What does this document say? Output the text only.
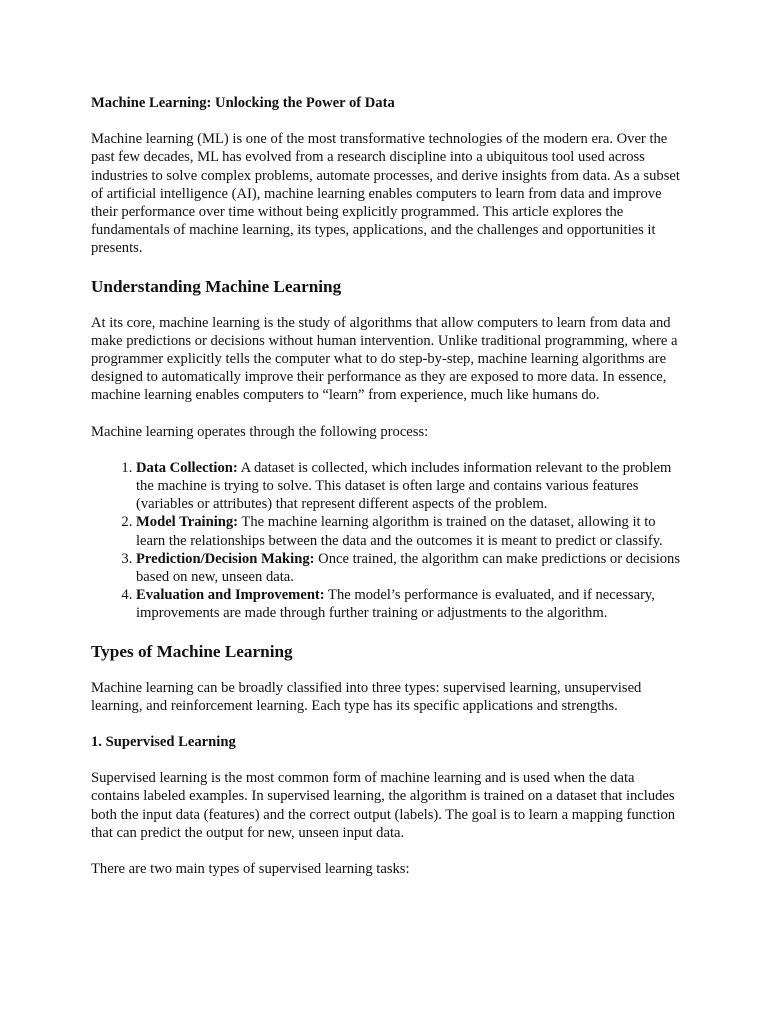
Machine Learning: Unlocking the Power of Data

Machine learning (ML) is one of the most transformative technologies of the modern era. Over the past few decades, ML has evolved from a research discipline into a ubiquitous tool used across industries to solve complex problems, automate processes, and derive insights from data. As a subset of artificial intelligence (AI), machine learning enables computers to learn from data and improve their performance over time without being explicitly programmed. This article explores the fundamentals of machine learning, its types, applications, and the challenges and opportunities it presents.

Understanding Machine Learning

At its core, machine learning is the study of algorithms that allow computers to learn from data and make predictions or decisions without human intervention. Unlike traditional programming, where a programmer explicitly tells the computer what to do step-by-step, machine learning algorithms are designed to automatically improve their performance as they are exposed to more data. In essence, machine learning enables computers to “learn” from experience, much like humans do.

Machine learning operates through the following process:

1. Data Collection: A dataset is collected, which includes information relevant to the problem the machine is trying to solve. This dataset is often large and contains various features (variables or attributes) that represent different aspects of the problem.
2. Model Training: The machine learning algorithm is trained on the dataset, allowing it to learn the relationships between the data and the outcomes it is meant to predict or classify.
3. Prediction/Decision Making: Once trained, the algorithm can make predictions or decisions based on new, unseen data.
4. Evaluation and Improvement: The model’s performance is evaluated, and if necessary, improvements are made through further training or adjustments to the algorithm.
Types of Machine Learning

Machine learning can be broadly classified into three types: supervised learning, unsupervised learning, and reinforcement learning. Each type has its specific applications and strengths.

1. Supervised Learning

Supervised learning is the most common form of machine learning and is used when the data contains labeled examples. In supervised learning, the algorithm is trained on a dataset that includes both the input data (features) and the correct output (labels). The goal is to learn a mapping function that can predict the output for new, unseen input data.

There are two main types of supervised learning tasks:
